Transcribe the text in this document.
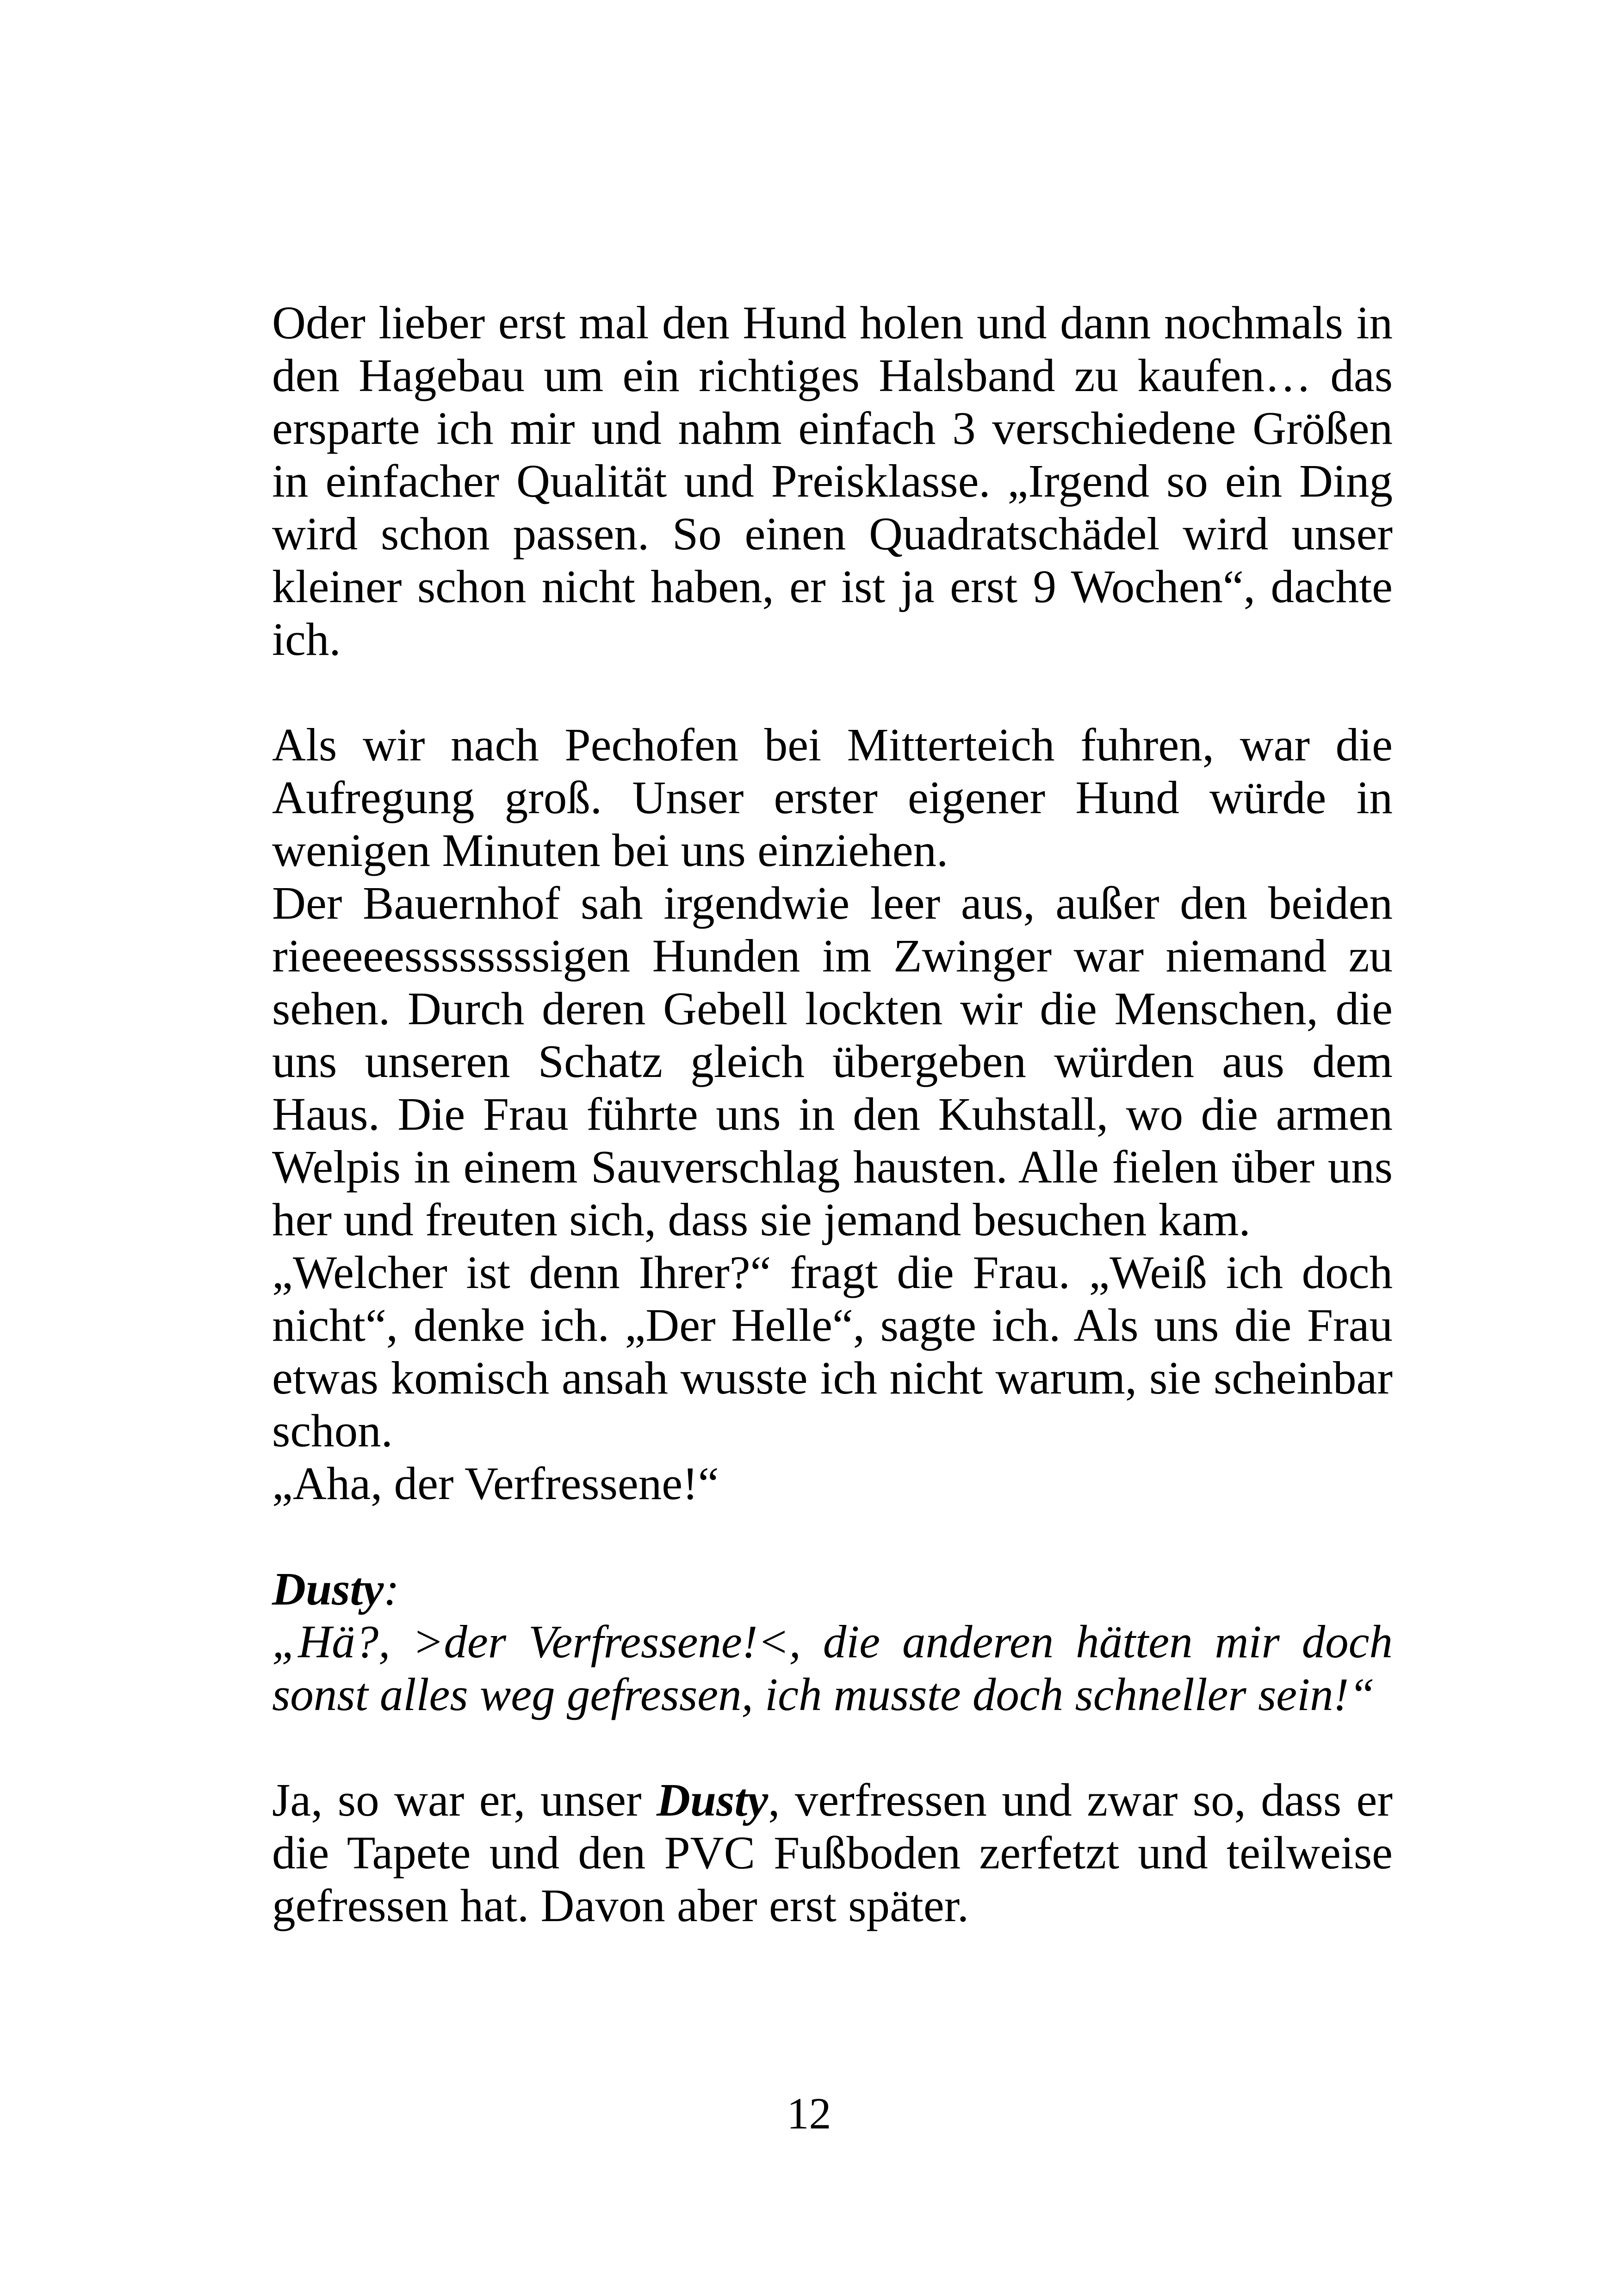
Oder lieber erst mal den Hund holen und dann nochmals in den Hagebau um ein richtiges Halsband zu kaufen… das ersparte ich mir und nahm einfach 3 verschiedene Größen in einfacher Qualität und Preisklasse. „Irgend so ein Ding wird schon passen. So einen Quadratschädel wird unser kleiner schon nicht haben, er ist ja erst 9 Wochen“, dachte ich.

Als wir nach Pechofen bei Mitterteich fuhren, war die Aufregung groß. Unser erster eigener Hund würde in wenigen Minuten bei uns einziehen.

Der Bauernhof sah irgendwie leer aus, außer den beiden rieeeeessssssssigen Hunden im Zwinger war niemand zu sehen. Durch deren Gebell lockten wir die Menschen, die uns unseren Schatz gleich übergeben würden aus dem Haus. Die Frau führte uns in den Kuhstall, wo die armen Welpis in einem Sauverschlag hausten. Alle fielen über uns her und freuten sich, dass sie jemand besuchen kam.

„Welcher ist denn Ihrer?“ fragt die Frau. „Weiß ich doch nicht“, denke ich. „Der Helle“, sagte ich. Als uns die Frau etwas komisch ansah wusste ich nicht warum, sie scheinbar schon.

„Aha, der Verfressene!“

Dusty:

„Hä?, >der Verfressene!<, die anderen hätten mir doch sonst alles weg gefressen, ich musste doch schneller sein!“

Ja, so war er, unser Dusty, verfressen und zwar so, dass er die Tapete und den PVC Fußboden zerfetzt und teilweise gefressen hat. Davon aber erst später.

12
